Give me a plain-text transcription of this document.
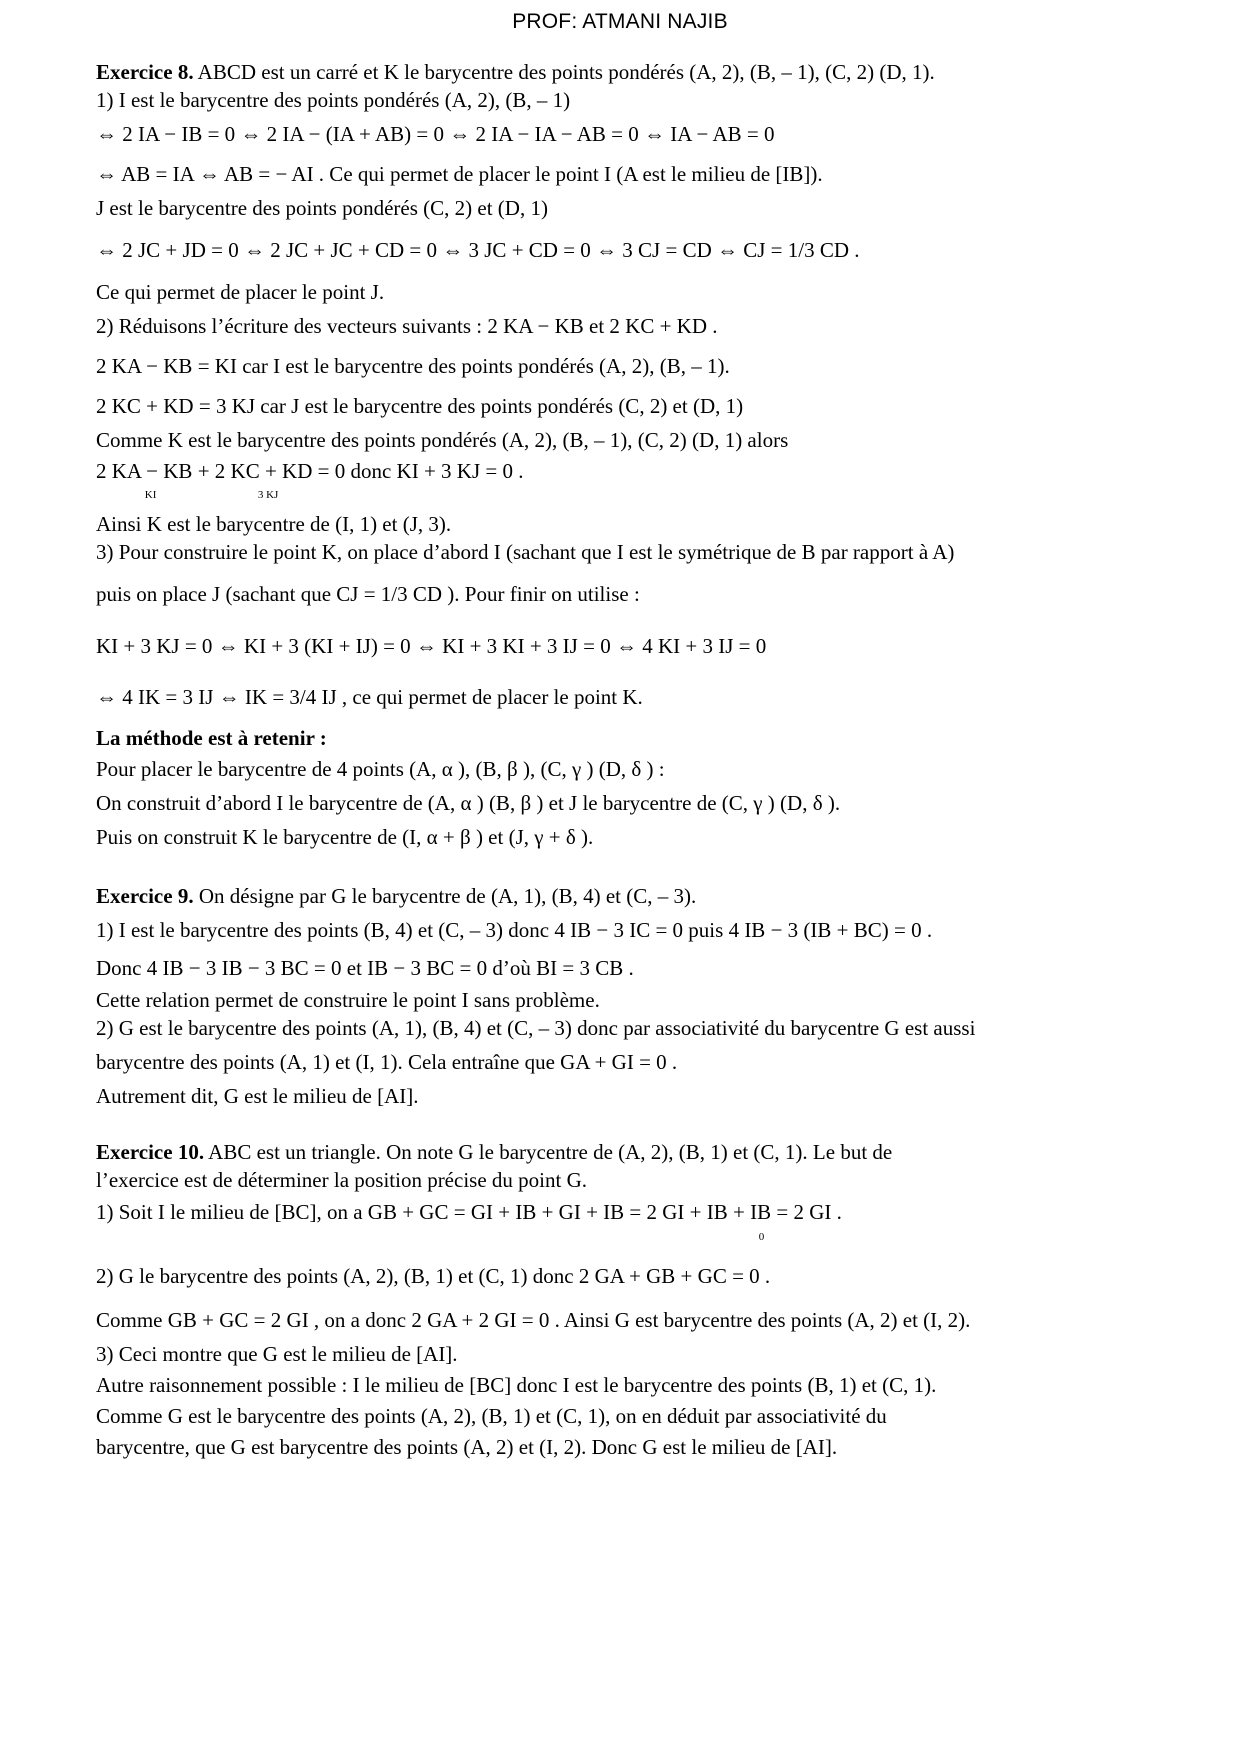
PROF: ATMANI NAJIB
Exercice 8. ABCD est un carré et K le barycentre des points pondérés (A, 2), (B, – 1), (C, 2) (D, 1).
1) I est le barycentre des points pondérés (A, 2), (B, – 1)
⇔ 2 IA − IB = 0 ⇔ 2 IA − (IA + AB) = 0 ⇔ 2 IA − IA − AB = 0 ⇔ IA − AB = 0
⇔ AB = IA ⇔ AB = − AI . Ce qui permet de placer le point I (A est le milieu de [IB]).
J est le barycentre des points pondérés (C, 2) et (D, 1)
⇔ 2 JC + JD = 0 ⇔ 2 JC + JC + CD = 0 ⇔ 3 JC + CD = 0 ⇔ 3 CJ = CD ⇔ CJ = 1/3 CD .
Ce qui permet de placer le point J.
2) Réduisons l’écriture des vecteurs suivants : 2 KA − KB et 2 KC + KD .
2 KA − KB = KI car I est le barycentre des points pondérés (A, 2), (B, – 1).
2 KC + KD = 3 KJ car J est le barycentre des points pondérés (C, 2) et (D, 1)
Comme K est le barycentre des points pondérés (A, 2), (B, – 1), (C, 2) (D, 1) alors
2 KA − KB + 2 KC + KD = 0 donc KI + 3 KJ = 0 .
KI	3 KJ
Ainsi K est le barycentre de (I, 1) et (J, 3).
3) Pour construire le point K, on place d’abord I (sachant que I est le symétrique de B par rapport à A)
puis on place J (sachant que CJ = 1/3 CD ). Pour finir on utilise :
KI + 3 KJ = 0 ⇔ KI + 3 (KI + IJ) = 0 ⇔ KI + 3 KI + 3 IJ = 0 ⇔ 4 KI + 3 IJ = 0
⇔ 4 IK = 3 IJ ⇔ IK = 3/4 IJ , ce qui permet de placer le point K.
La méthode est à retenir :
Pour placer le barycentre de 4 points (A, α ), (B, β ), (C, γ ) (D, δ ) :
On construit d’abord I le barycentre de (A, α ) (B, β ) et J le barycentre de (C, γ ) (D, δ ).
Puis on construit K le barycentre de (I, α + β ) et (J, γ + δ ).
Exercice 9. On désigne par G le barycentre de (A, 1), (B, 4) et (C, – 3).
1) I est le barycentre des points (B, 4) et (C, – 3) donc 4 IB − 3 IC = 0 puis 4 IB − 3 (IB + BC) = 0 .
Donc 4 IB − 3 IB − 3 BC = 0 et IB − 3 BC = 0 d’où BI = 3 CB .
Cette relation permet de construire le point I sans problème.
2) G est le barycentre des points (A, 1), (B, 4) et (C, – 3) donc par associativité du barycentre G est aussi
barycentre des points (A, 1) et (I, 1). Cela entraîne que GA + GI = 0 .
Autrement dit, G est le milieu de [AI].
Exercice 10. ABC est un triangle. On note G le barycentre de (A, 2), (B, 1) et (C, 1). Le but de
l’exercice est de déterminer la position précise du point G.
1) Soit I le milieu de [BC], on a GB + GC = GI + IB + GI + IB = 2 GI + IB + IB = 2 GI .
0
2) G le barycentre des points (A, 2), (B, 1) et (C, 1) donc 2 GA + GB + GC = 0 .
Comme GB + GC = 2 GI , on a donc 2 GA + 2 GI = 0 . Ainsi G est barycentre des points (A, 2) et (I, 2).
3) Ceci montre que G est le milieu de [AI].
Autre raisonnement possible : I le milieu de [BC] donc I est le barycentre des points (B, 1) et (C, 1).
Comme G est le barycentre des points (A, 2), (B, 1) et (C, 1), on en déduit par associativité du
barycentre, que G est barycentre des points (A, 2) et (I, 2). Donc G est le milieu de [AI].
